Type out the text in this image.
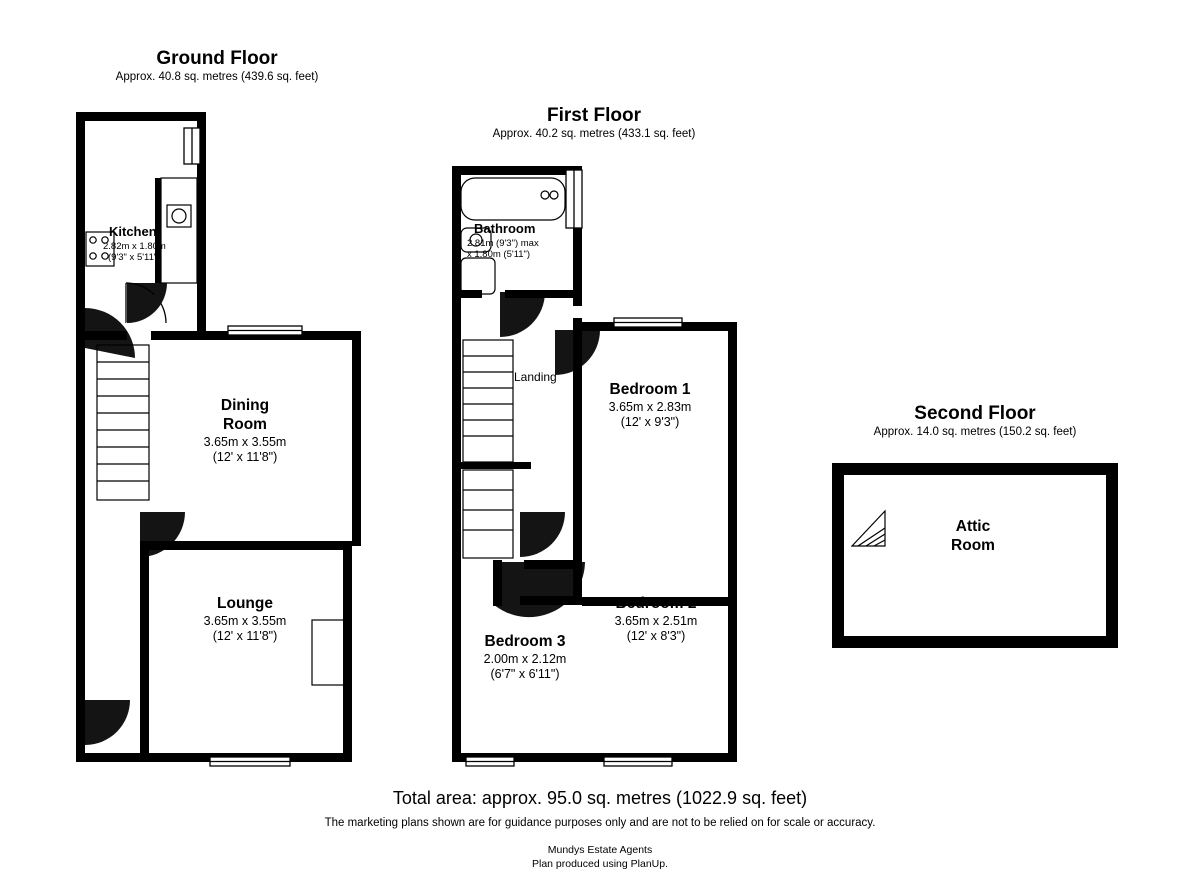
Ground Floor
Approx. 40.8 sq. metres (439.6 sq. feet)
First Floor
Approx. 40.2 sq. metres (433.1 sq. feet)
Second Floor
Approx. 14.0 sq. metres (150.2 sq. feet)
Kitchen
2.82m x 1.80m
(9'3" x 5'11")
Dining
Room
3.65m x 3.55m
(12' x 11'8")
Lounge
3.65m x 3.55m
(12' x 11'8")
Bathroom
2.81m (9'3") max
x 1.80m (5'11")
Landing
Bedroom 1
3.65m x 2.83m
(12' x 9'3")
Bedroom 2
3.65m x 2.51m
(12' x 8'3")
Bedroom 3
2.00m x 2.12m
(6'7" x 6'11")
Attic
Room
Total area: approx. 95.0 sq. metres (1022.9 sq. feet)
The marketing plans shown are for guidance purposes only and are not to be relied on for scale or accuracy.
Mundys Estate Agents
Plan produced using PlanUp.
